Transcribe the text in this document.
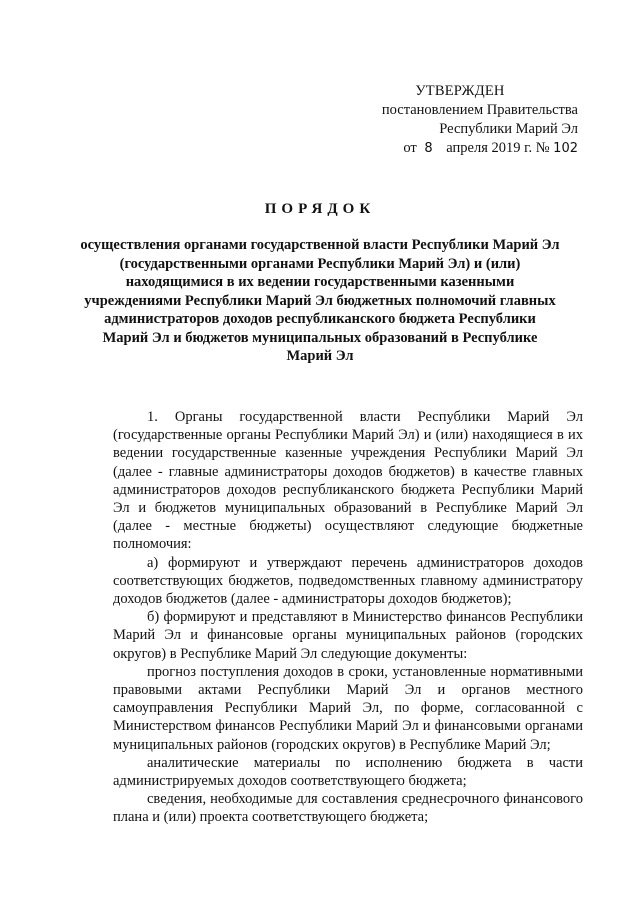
УТВЕРЖДЕН
постановлением Правительства
Республики Марий Эл
от 8 апреля 2019 г. № 102
ПОРЯДОК
осуществления органами государственной власти Республики Марий Эл (государственными органами Республики Марий Эл) и (или) находящимися в их ведении государственными казенными учреждениями Республики Марий Эл бюджетных полномочий главных администраторов доходов республиканского бюджета Республики Марий Эл и бюджетов муниципальных образований в Республике Марий Эл

1. Органы государственной власти Республики Марий Эл (государственные органы Республики Марий Эл) и (или) находящиеся в их ведении государственные казенные учреждения Республики Марий Эл (далее - главные администраторы доходов бюджетов) в качестве главных администраторов доходов республиканского бюджета Республики Марий Эл и бюджетов муниципальных образований в Республике Марий Эл (далее - местные бюджеты) осуществляют следующие бюджетные полномочия:

а) формируют и утверждают перечень администраторов доходов соответствующих бюджетов, подведомственных главному администратору доходов бюджетов (далее - администраторы доходов бюджетов);

б) формируют и представляют в Министерство финансов Республики Марий Эл и финансовые органы муниципальных районов (городских округов) в Республике Марий Эл следующие документы:

прогноз поступления доходов в сроки, установленные нормативными правовыми актами Республики Марий Эл и органов местного самоуправления Республики Марий Эл, по форме, согласованной с Министерством финансов Республики Марий Эл и финансовыми органами муниципальных районов (городских округов) в Республике Марий Эл;

аналитические материалы по исполнению бюджета в части администрируемых доходов соответствующего бюджета;

сведения, необходимые для составления среднесрочного финансового плана и (или) проекта соответствующего бюджета;
